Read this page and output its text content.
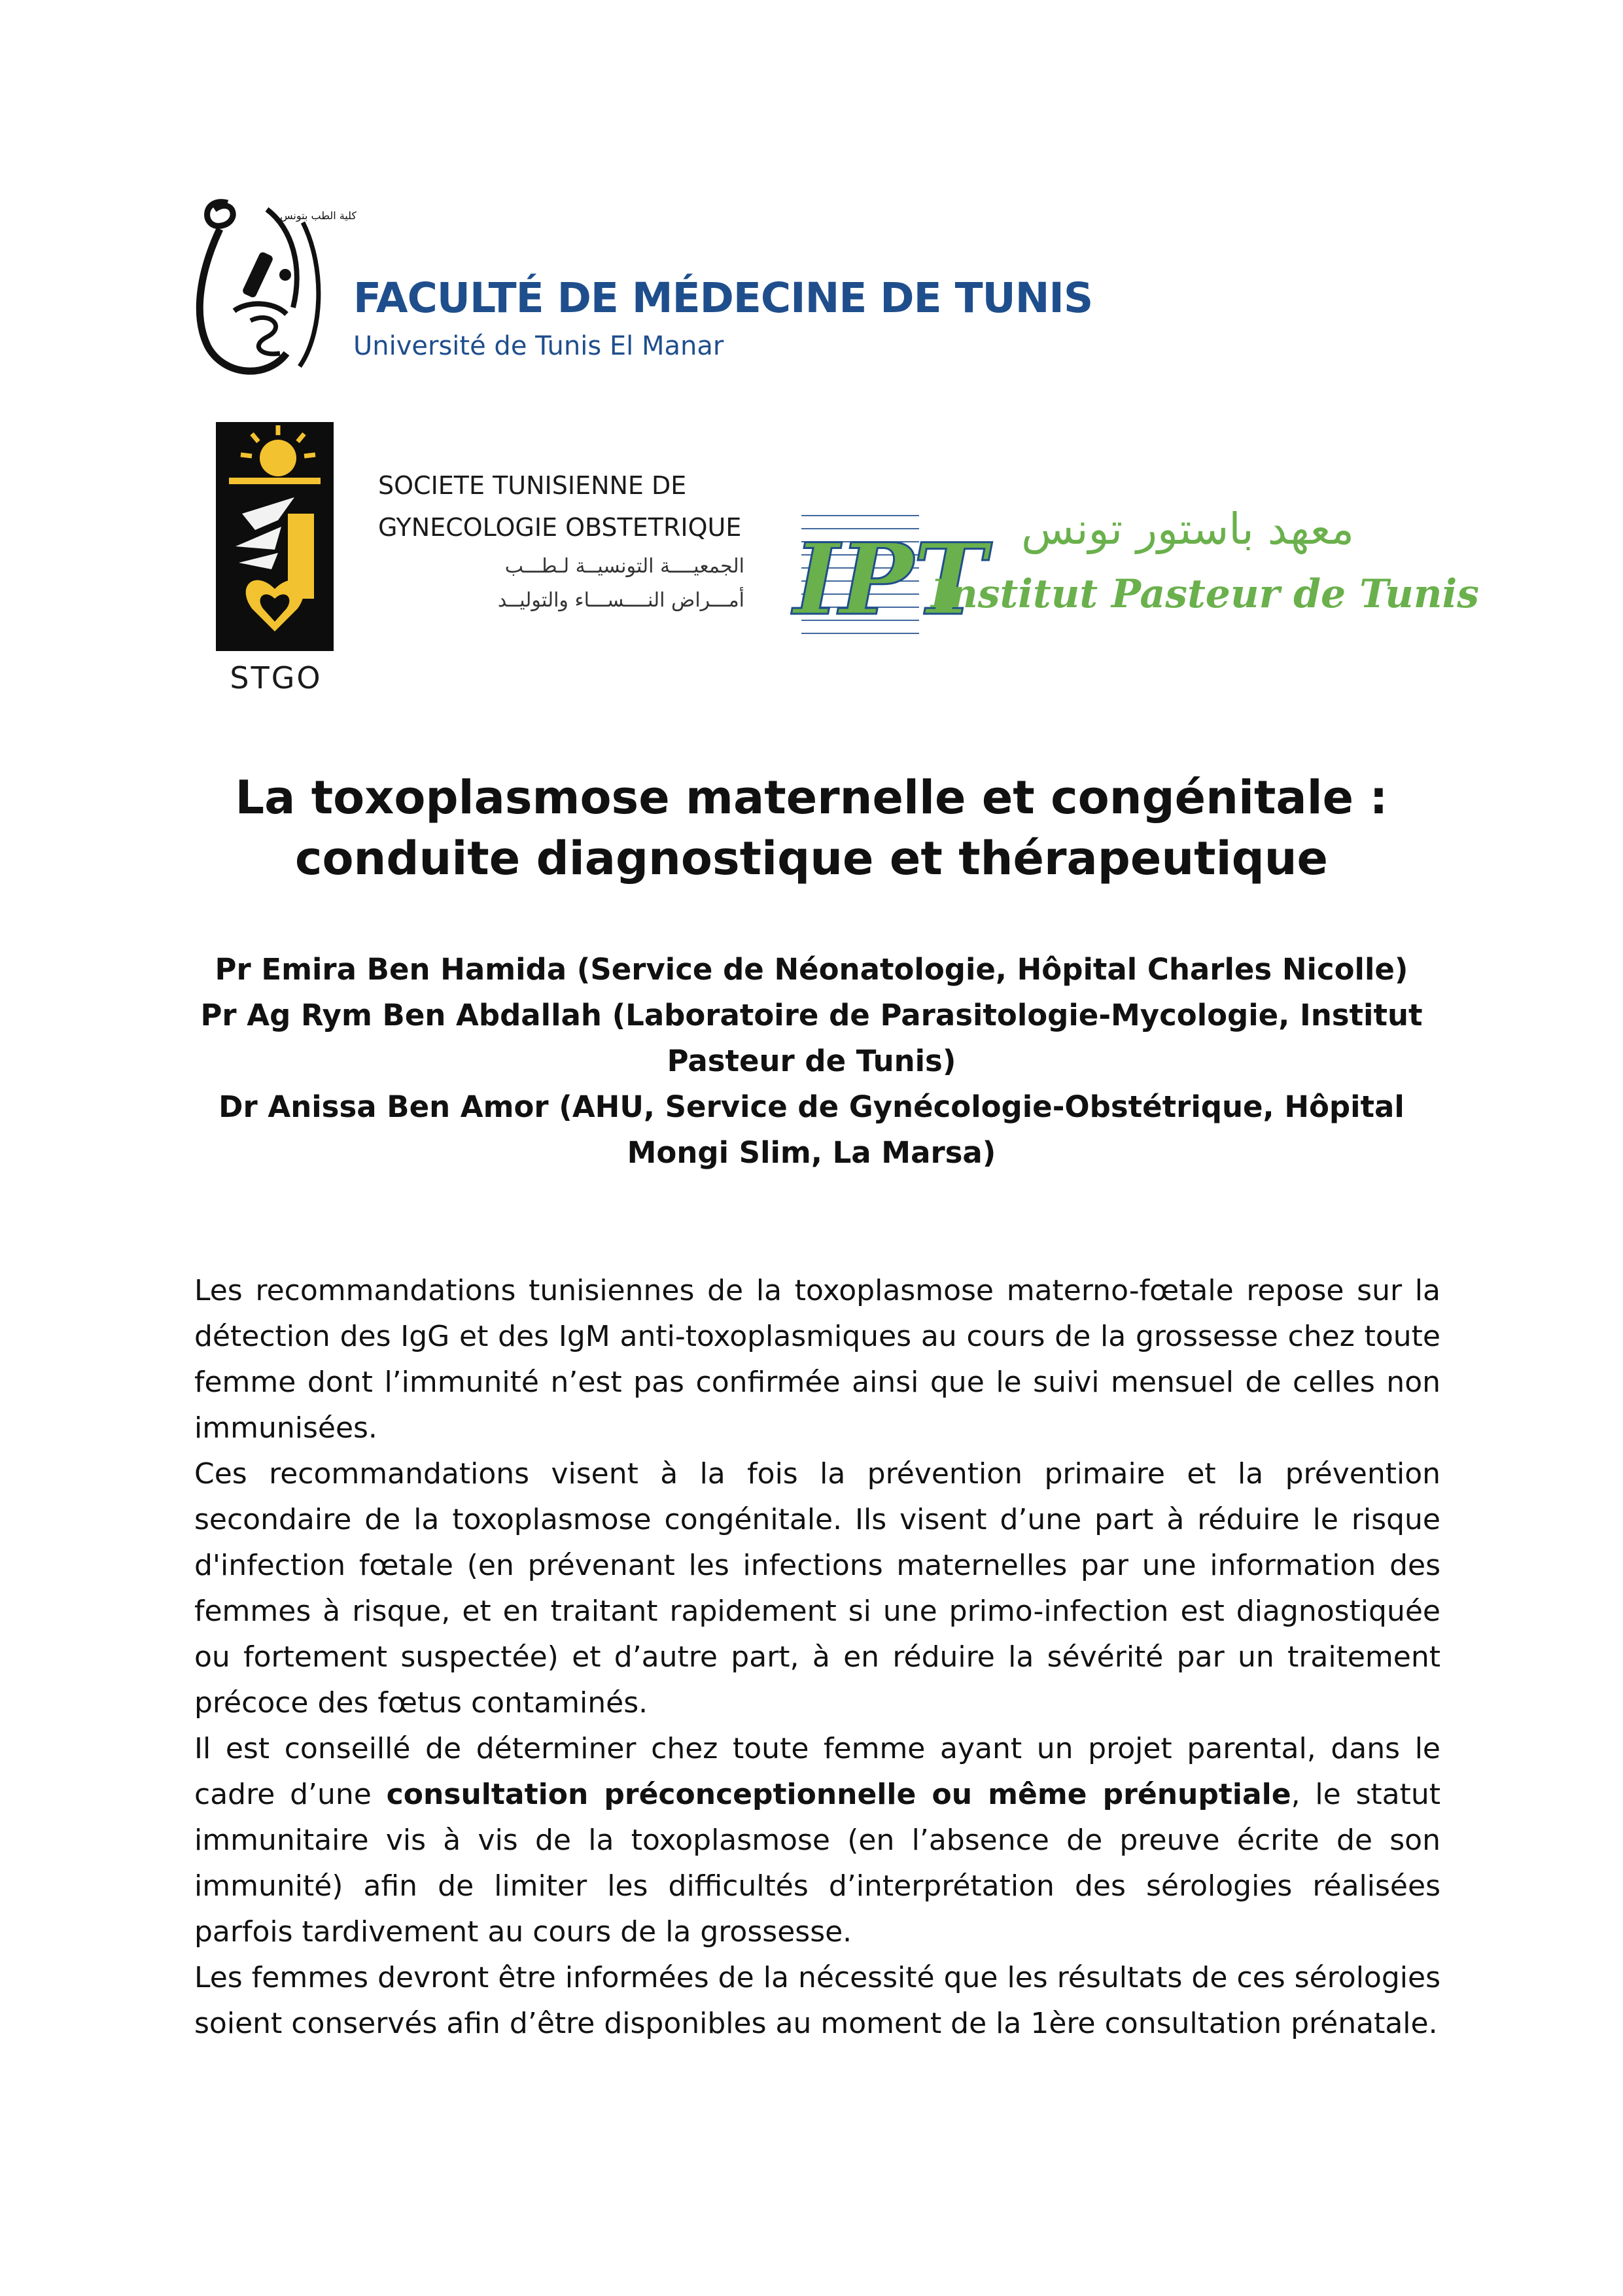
كلية الطب بتونس
FACULTÉ DE MÉDECINE DE TUNIS
Université de Tunis El Manar
STGO
SOCIETE TUNISIENNE DE
GYNECOLOGIE OBSTETRIQUE
الجمعيــــة التونسيــة لـطـــب
أمـــراض النــــســـاء والتوليــد IPT معهد باستور تونس
Institut Pasteur de Tunis
La toxoplasmose maternelle et congénitale :
conduite diagnostique et thérapeutique
Pr Emira Ben Hamida (Service de Néonatologie, Hôpital Charles Nicolle)
Pr Ag Rym Ben Abdallah (Laboratoire de Parasitologie-Mycologie, Institut
Pasteur de Tunis)
Dr Anissa Ben Amor (AHU, Service de Gynécologie-Obstétrique, Hôpital
Mongi Slim, La Marsa)

Les recommandations tunisiennes de la toxoplasmose materno-fœtale repose sur la détection des IgG et des IgM anti-toxoplasmiques au cours de la grossesse chez toute femme dont l’immunité n’est pas confirmée ainsi que le suivi mensuel de celles non immunisées.

Ces recommandations visent à la fois la prévention primaire et la prévention secondaire de la toxoplasmose congénitale. Ils visent d’une part à réduire le risque d'infection fœtale (en prévenant les infections maternelles par une information des femmes à risque, et en traitant rapidement si une primo-infection est diagnostiquée ou fortement suspectée) et d’autre part, à en réduire la sévérité par un traitement précoce des fœtus contaminés.

Il est conseillé de déterminer chez toute femme ayant un projet parental, dans le cadre d’une consultation préconceptionnelle ou même prénuptiale, le statut immunitaire vis à vis de la toxoplasmose (en l’absence de preuve écrite de son immunité) afin de limiter les difficultés d’interprétation des sérologies réalisées parfois tardivement au cours de la grossesse.

Les femmes devront être informées de la nécessité que les résultats de ces sérologies soient conservés afin d’être disponibles au moment de la 1ère consultation prénatale.
